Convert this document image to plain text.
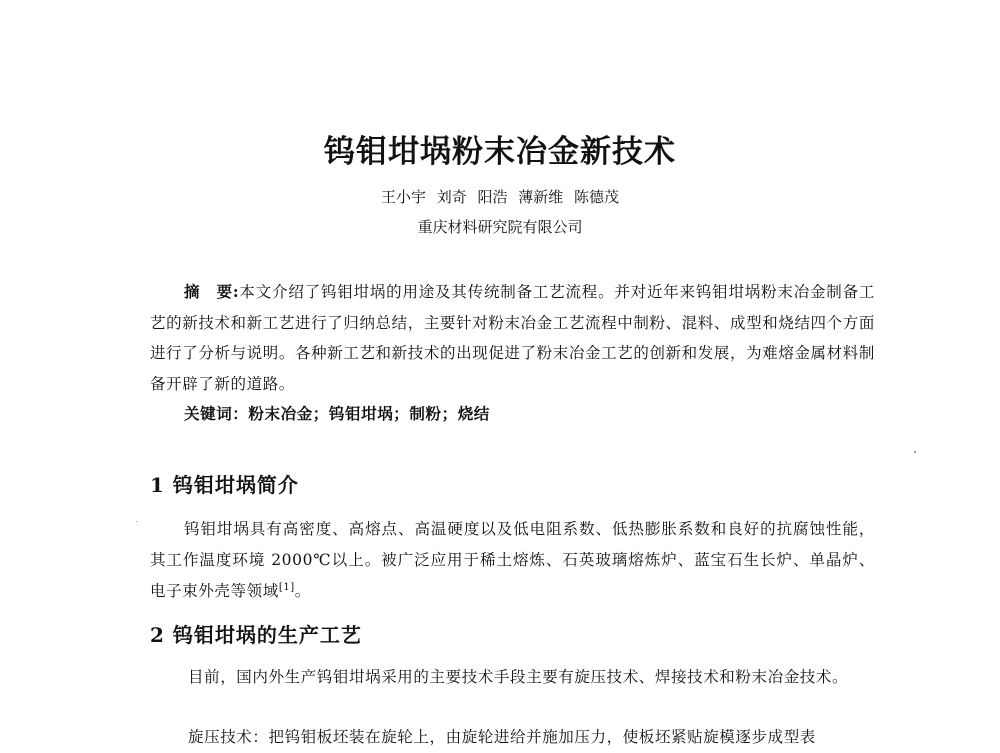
钨钼坩埚粉末冶金新技术

王小宇 刘奇 阳浩 薄新维 陈德茂

重庆材料研究院有限公司

摘　要:本文介绍了钨钼坩埚的用途及其传统制备工艺流程。并对近年来钨钼坩埚粉末冶金制备工艺的新技术和新工艺进行了归纳总结，主要针对粉末冶金工艺流程中制粉、混料、成型和烧结四个方面进行了分析与说明。各种新工艺和新技术的出现促进了粉末冶金工艺的创新和发展，为难熔金属材料制备开辟了新的道路。

关键词：粉末冶金；钨钼坩埚；制粉；烧结

1 钨钼坩埚简介

钨钼坩埚具有高密度、高熔点、高温硬度以及低电阻系数、低热膨胀系数和良好的抗腐蚀性能，其工作温度环境 2000℃以上。被广泛应用于稀土熔炼、石英玻璃熔炼炉、蓝宝石生长炉、单晶炉、电子束外壳等领域[1]。

2 钨钼坩埚的生产工艺

目前，国内外生产钨钼坩埚采用的主要技术手段主要有旋压技术、焊接技术和粉末冶金技术。

旋压技术：把钨钼板坯装在旋轮上，由旋轮进给并施加压力，使板坯紧贴旋模逐步成型表
